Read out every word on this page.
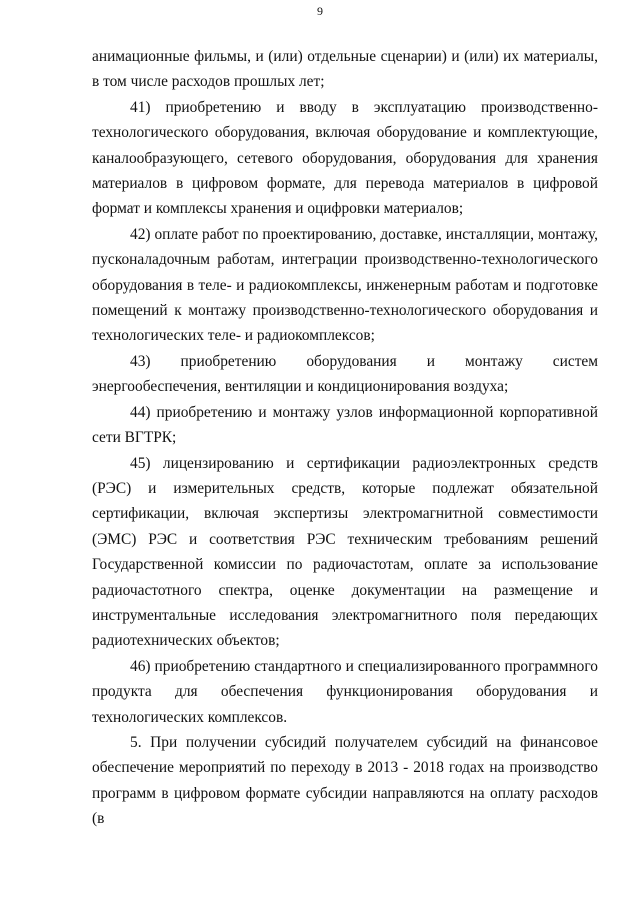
9

анимационные фильмы, и (или) отдельные сценарии) и (или) их материалы, в том числе расходов прошлых лет;

41) приобретению и вводу в эксплуатацию производственно-технологического оборудования, включая оборудование и комплектующие, каналообразующего, сетевого оборудования, оборудования для хранения материалов в цифровом формате, для перевода материалов в цифровой формат и комплексы хранения и оцифровки материалов;

42) оплате работ по проектированию, доставке, инсталляции, монтажу, пусконаладочным работам, интеграции производственно-технологического оборудования в теле- и радиокомплексы, инженерным работам и подготовке помещений к монтажу производственно-технологического оборудования и технологических теле- и радиокомплексов;

43) приобретению оборудования и монтажу систем энергообеспечения, вентиляции и кондиционирования воздуха;

44) приобретению и монтажу узлов информационной корпоративной сети ВГТРК;

45) лицензированию и сертификации радиоэлектронных средств (РЭС) и измерительных средств, которые подлежат обязательной сертификации, включая экспертизы электромагнитной совместимости (ЭМС) РЭС и соответствия РЭС техническим требованиям решений Государственной комиссии по радиочастотам, оплате за использование радиочастотного спектра, оценке документации на размещение и инструментальные исследования электромагнитного поля передающих радиотехнических объектов;

46) приобретению стандартного и специализированного программного продукта для обеспечения функционирования оборудования и технологических комплексов.

5. При получении субсидий получателем субсидий на финансовое обеспечение мероприятий по переходу в 2013 - 2018 годах на производство программ в цифровом формате субсидии направляются на оплату расходов (в
